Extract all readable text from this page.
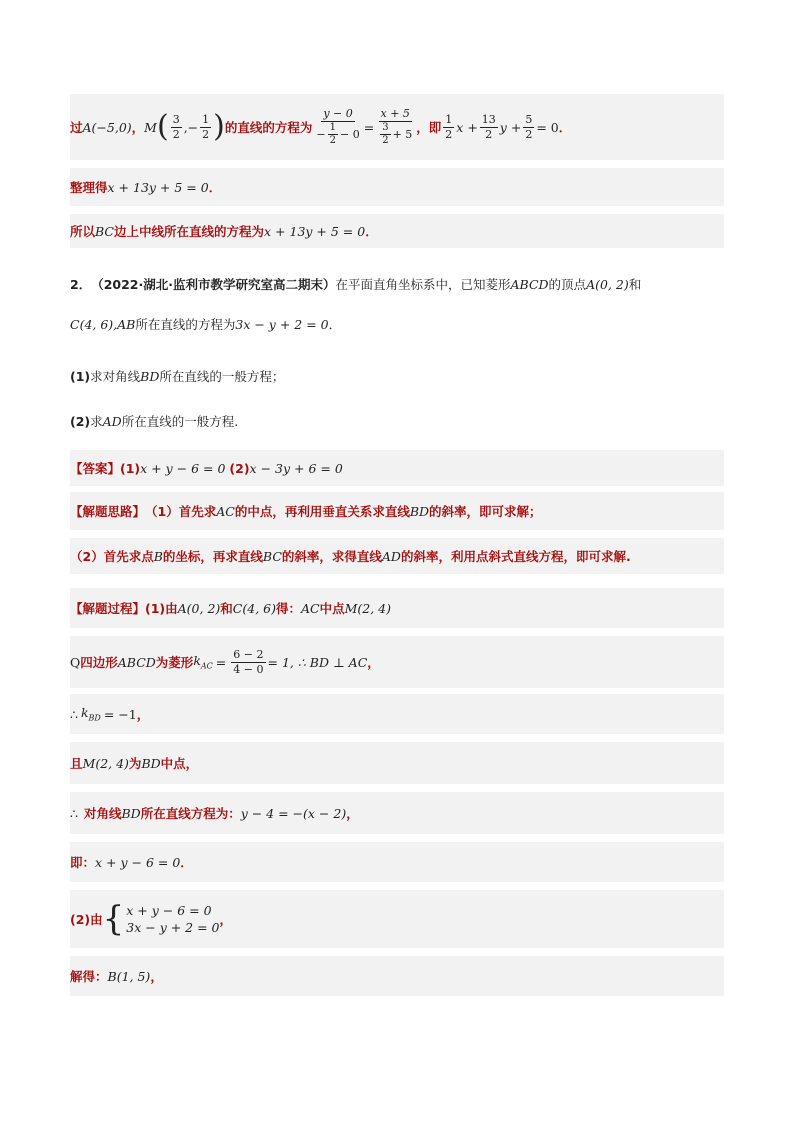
过 A(−5,0) ， M ( $\frac{3}{2}$ ,− $\frac{1}{2}$ ) 的直线的方程为 $\frac{y - 0}{- \frac{1}{2} - 0} = \frac{x + 5}{\frac{3}{2} + 5}$ ，即 $\frac{1}{2}$ $x + \frac{13}{2}$ $y + \frac{5}{2} = 0$ ．
整理得 x + 13y + 5 = 0 ．
所以 BC 边上中线所在直线的方程为 x + 13y + 5 = 0 ．
2． （2022·湖北·监利市教学研究室高二期末） 在平面直角坐标系中，已知菱形 ABCD 的顶点 A(0, 2) 和
C(4, 6) ,AB 所在直线的方程为 3x − y + 2 = 0 ．
(1) 求对角线 BD 所在直线的一般方程；
(2) 求 AD 所在直线的一般方程.
【答案】 (1) x + y − 6 = 0 (2) x − 3y + 6 = 0
【解题思路】 （1）首先求 AC 的中点，再利用垂直关系求直线 BD 的斜率，即可求解；
（2）首先求点 B 的坐标，再求直线 BC 的斜率，求得直线 AD 的斜率，利用点斜式直线方程，即可求解.
【解题过程】 (1)由 A(0, 2) 和 C(4, 6) 得： AC 中点 M(2, 4)
Q 四边形 ABCD 为菱形 $k_{AC} = \frac{6 - 2}{4 - 0} = 1$, ∴ BD ⊥ AC ，
∴ $k_{BD} = -1$ ，
且 M(2, 4) 为 BD 中点，
∴ 对角线 BD 所在直线方程为： y − 4 = −(x − 2) ，
即： x + y − 6 = 0 ．
(2)由 { x + y − 6 = 0
3x − y + 2 = 0
，
解得： B(1, 5) ，
